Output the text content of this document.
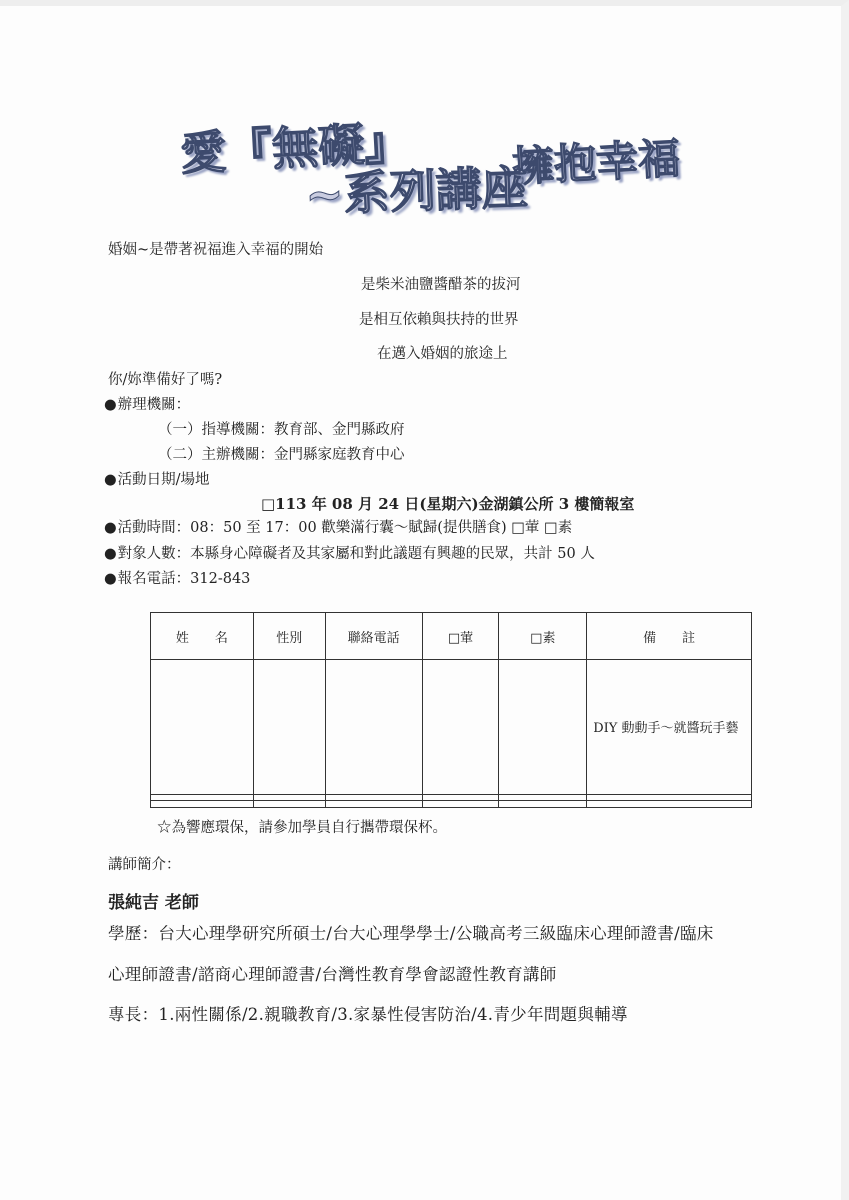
愛『無礙』 擁抱幸福
~系列講座
婚姻~是帶著祝福進入幸福的開始
是柴米油鹽醬醋茶的拔河
是相互依賴與扶持的世界
在邁入婚姻的旅途上
你/妳準備好了嗎?
● 辦理機關：
（一）指導機關：教育部、金門縣政府
（二）主辦機關：金門縣家庭教育中心
● 活動日期/場地
□113 年 08 月 24 日(星期六)金湖鎮公所 3 樓簡報室
● 活動時間：08：50 至 17：00 歡樂滿行囊～賦歸(提供膳食) □葷 □素
● 對象人數：本縣身心障礙者及其家屬和對此議題有興趣的民眾，共計 50 人
● 報名電話：312-843
姓　　名	性別	聯絡電話	□葷	□素	備　　註
					DIY 動動手～就醬玩手藝

☆為響應環保，請參加學員自行攜帶環保杯。
講師簡介：
張純吉 老師
學歷：台大心理學研究所碩士/台大心理學學士/公職高考三級臨床心理師證書/臨床
心理師證書/諮商心理師證書/台灣性教育學會認證性教育講師
專長：1.兩性關係/2.親職教育/3.家暴性侵害防治/4.青少年問題與輔導
